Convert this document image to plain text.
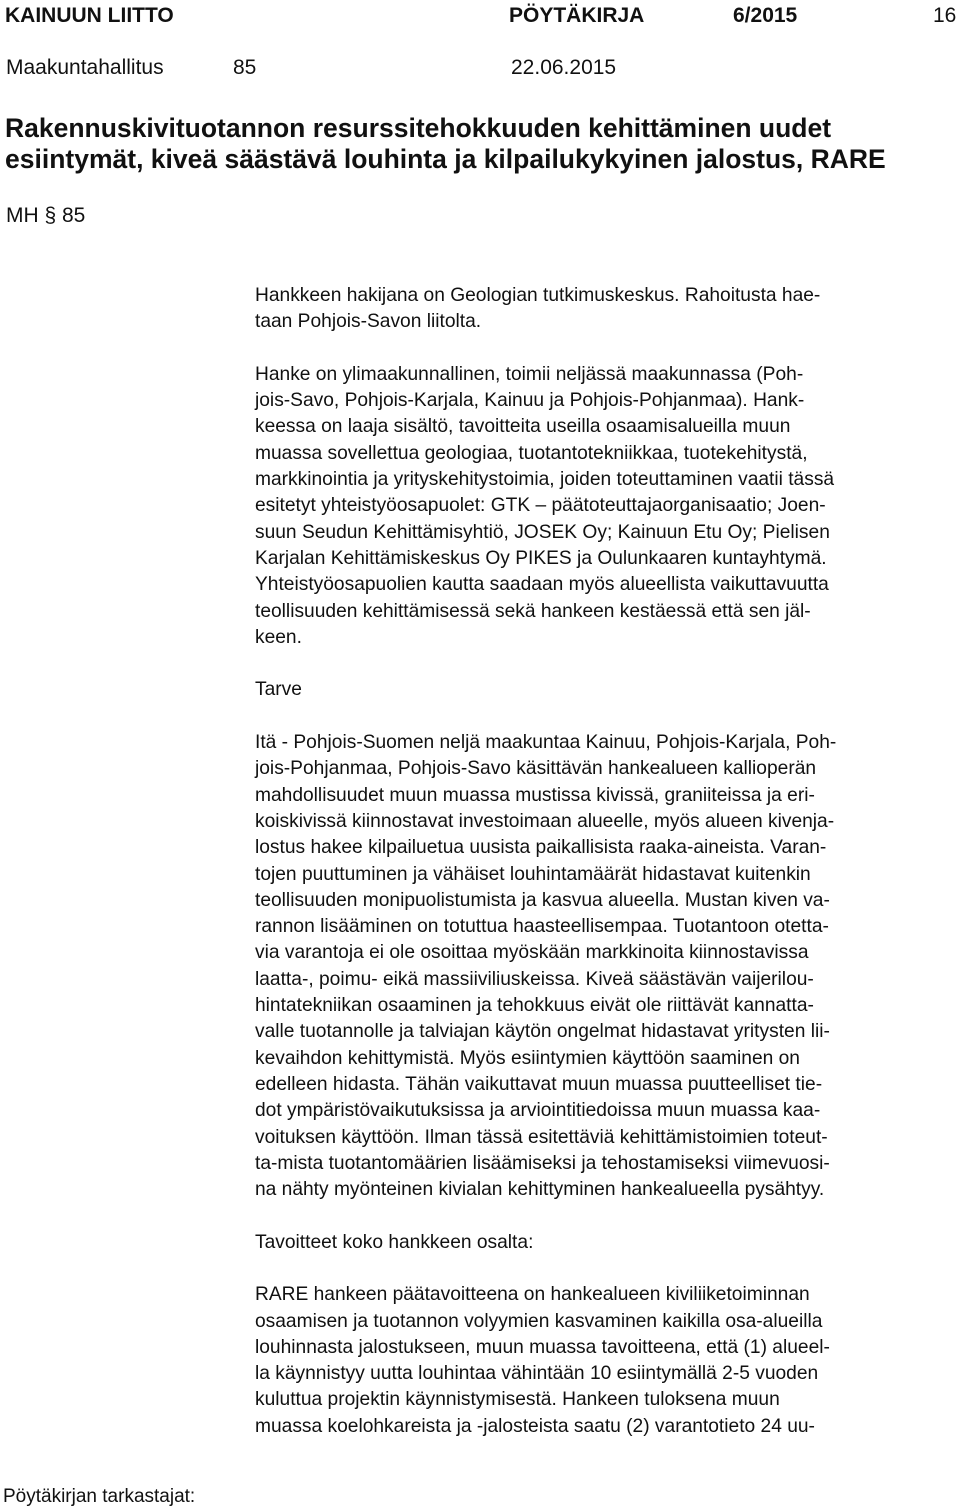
KAINUUN LIITTO	PÖYTÄKIRJA	6/2015	16
Maakuntahallitus	85	22.06.2015
Rakennuskivituotannon resurssitehokkuuden kehittäminen uudet
esiintymät, kiveä säästävä louhinta ja kilpailukykyinen jalostus, RARE
MH § 85
Hankkeen hakijana on Geologian tutkimuskeskus. Rahoitusta hae-
taan Pohjois-Savon liitolta.
Hanke on ylimaakunnallinen, toimii neljässä maakunnassa (Poh-
jois-Savo, Pohjois-Karjala, Kainuu ja Pohjois-Pohjanmaa). Hank-
keessa on laaja sisältö, tavoitteita useilla osaamisalueilla muun
muassa sovellettua geologiaa, tuotantotekniikkaa, tuotekehitystä,
markkinointia ja yrityskehitystoimia, joiden toteuttaminen vaatii tässä
esitetyt yhteistyöosapuolet: GTK – päätoteuttajaorganisaatio; Joen-
suun Seudun Kehittämisyhtiö, JOSEK Oy; Kainuun Etu Oy; Pielisen
Karjalan Kehittämiskeskus Oy PIKES ja Oulunkaaren kuntayhtymä.
Yhteistyöosapuolien kautta saadaan myös alueellista vaikuttavuutta
teollisuuden kehittämisessä sekä hankeen kestäessä että sen jäl-
keen.
Tarve
Itä - Pohjois-Suomen neljä maakuntaa Kainuu, Pohjois-Karjala, Poh-
jois-Pohjanmaa, Pohjois-Savo käsittävän hankealueen kallioperän
mahdollisuudet muun muassa mustissa kivissä, graniiteissa ja eri-
koiskivissä kiinnostavat investoimaan alueelle, myös alueen kivenja-
lostus hakee kilpailuetua uusista paikallisista raaka-aineista. Varan-
tojen puuttuminen ja vähäiset louhintamäärät hidastavat kuitenkin
teollisuuden monipuolistumista ja kasvua alueella. Mustan kiven va-
rannon lisääminen on totuttua haasteellisempaa. Tuotantoon otetta-
via varantoja ei ole osoittaa myöskään markkinoita kiinnostavissa
laatta-, poimu- eikä massiiviliuskeissa. Kiveä säästävän vaijerilou-
hintatekniikan osaaminen ja tehokkuus eivät ole riittävät kannatta-
valle tuotannolle ja talviajan käytön ongelmat hidastavat yritysten lii-
kevaihdon kehittymistä. Myös esiintymien käyttöön saaminen on
edelleen hidasta. Tähän vaikuttavat muun muassa puutteelliset tie-
dot ympäristövaikutuksissa ja arviointitiedoissa muun muassa kaa-
voituksen käyttöön. Ilman tässä esitettäviä kehittämistoimien toteut-
ta-mista tuotantomäärien lisäämiseksi ja tehostamiseksi viimevuosi-
na nähty myönteinen kivialan kehittyminen hankealueella pysähtyy.
Tavoitteet koko hankkeen osalta:
RARE hankeen päätavoitteena on hankealueen kiviliiketoiminnan
osaamisen ja tuotannon volyymien kasvaminen kaikilla osa-alueilla
louhinnasta jalostukseen, muun muassa tavoitteena, että (1) alueel-
la käynnistyy uutta louhintaa vähintään 10 esiintymällä 2-5 vuoden
kuluttua projektin käynnistymisestä. Hankeen tuloksena muun
muassa koelohkareista ja -jalosteista saatu (2) varantotieto 24 uu-
Pöytäkirjan tarkastajat:
